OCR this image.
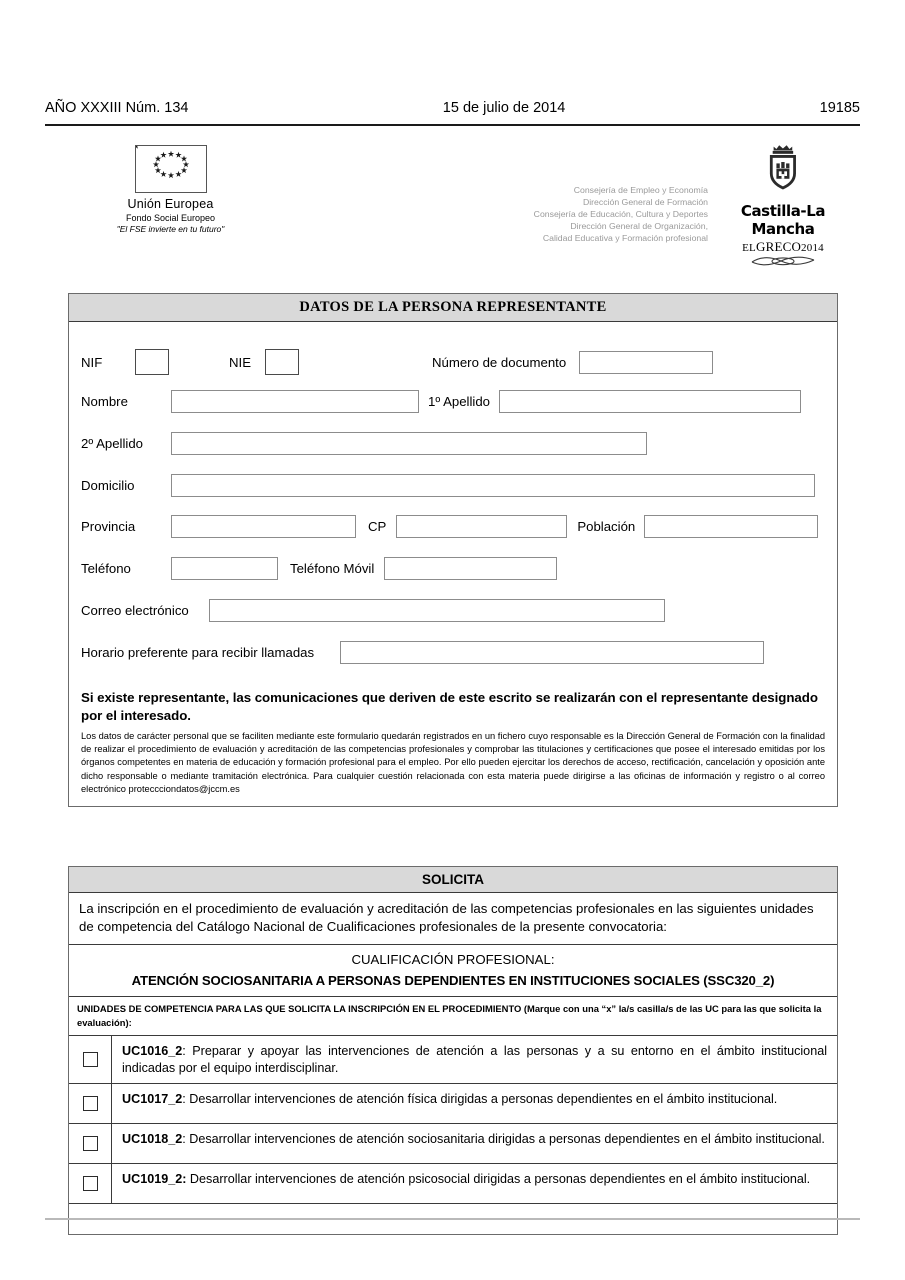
AÑO XXXIII Núm. 134	15 de julio de 2014	19185
Unión Europea
Fondo Social Europeo
"El FSE invierte en tu futuro"
Consejería de Empleo y Economía
Dirección General de Formación
Consejería de Educación, Cultura y Deportes
Dirección General de Organización,
Calidad Educativa y Formación profesional
Castilla-La Mancha
ELGRECO2014
DATOS DE LA PERSONA REPRESENTANTE
NIF	NIE	Número de documento
Nombre	1º Apellido
2º Apellido
Domicilio
Provincia	CP	Población
Teléfono	Teléfono Móvil
Correo electrónico
Horario preferente para recibir llamadas
Si existe representante, las comunicaciones que deriven de este escrito se realizarán con el representante designado por el interesado.
Los datos de carácter personal que se faciliten mediante este formulario quedarán registrados en un fichero cuyo responsable es la Dirección General de Formación con la finalidad de realizar el procedimiento de evaluación y acreditación de las competencias profesionales y comprobar las titulaciones y certificaciones que posee el interesado emitidas por los órganos competentes en materia de educación y formación profesional para el empleo. Por ello pueden ejercitar los derechos de acceso, rectificación, cancelación y oposición ante dicho responsable o mediante tramitación electrónica. Para cualquier cuestión relacionada con esta materia puede dirigirse a las oficinas de información y registro o al correo electrónico proteccciondatos@jccm.es
SOLICITA
La inscripción en el procedimiento de evaluación y acreditación de las competencias profesionales en las siguientes unidades de competencia del Catálogo Nacional de Cualificaciones profesionales de la presente convocatoria:
CUALIFICACIÓN PROFESIONAL:
ATENCIÓN SOCIOSANITARIA A PERSONAS DEPENDIENTES EN INSTITUCIONES SOCIALES (SSC320_2)
UNIDADES DE COMPETENCIA PARA LAS QUE SOLICITA LA INSCRIPCIÓN EN EL PROCEDIMIENTO (Marque con una “x” la/s casilla/s de las UC para las que solicita la evaluación):
UC1016_2: Preparar y apoyar las intervenciones de atención a las personas y a su entorno en el ámbito institucional indicadas por el equipo interdisciplinar.
UC1017_2: Desarrollar intervenciones de atención física dirigidas a personas dependientes en el ámbito institucional.
UC1018_2: Desarrollar intervenciones de atención sociosanitaria dirigidas a personas dependientes en el ámbito institucional.
UC1019_2: Desarrollar intervenciones de atención psicosocial dirigidas a personas dependientes en el ámbito institucional.
